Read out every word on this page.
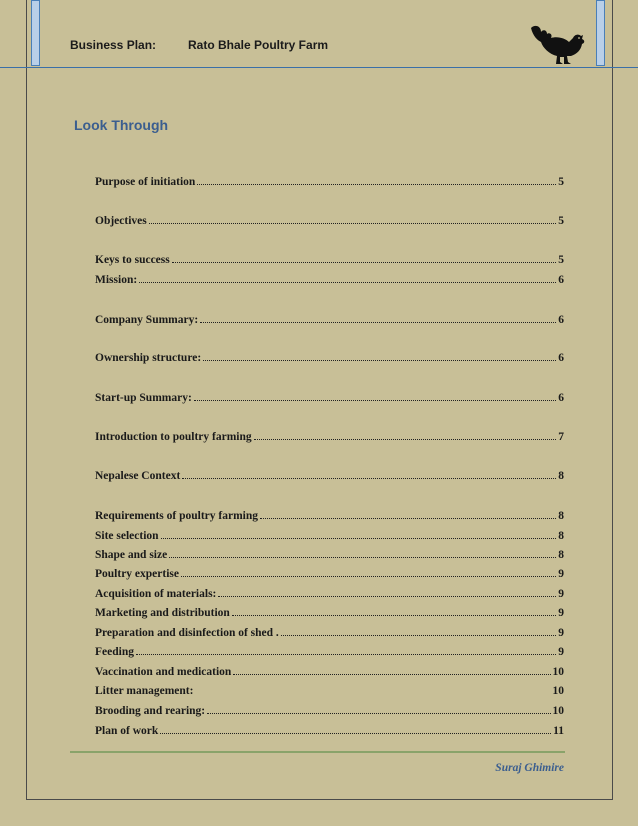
Business Plan:	Rato Bhale Poultry Farm
Look Through
Purpose of initiation	5
Objectives	5
Keys to success	5
Mission:	6
Company Summary:	6
Ownership structure:	6
Start-up Summary:	6
Introduction to poultry farming	7
Nepalese Context	8
Requirements of poultry farming	8
Site selection	8
Shape and size	8
Poultry expertise	9
Acquisition of materials:	9
Marketing and distribution	9
Preparation and disinfection of shed .	9
Feeding	9
Vaccination and medication	10
Litter management:	10
Brooding and rearing:	10
Plan of work	11
Suraj Ghimire
